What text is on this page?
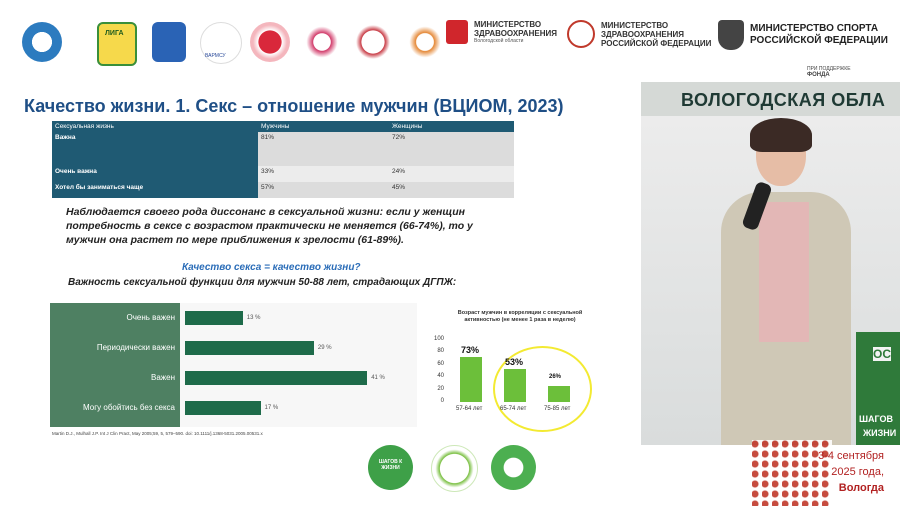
ЛИГА
ВАРМСУ
МИНИСТЕРСТВО
ЗДРАВООХРАНЕНИЯ
Вологодской области
МИНИСТЕРСТВО
ЗДРАВООХРАНЕНИЯ
РОССИЙСКОЙ ФЕДЕРАЦИИ
МИНИСТЕРСТВО СПОРТА
РОССИЙСКОЙ ФЕДЕРАЦИИ
Качество жизни. 1. Секс – отношение мужчин (ВЦИОМ, 2023)
Сексуальная жизнь	Мужчины	Женщины
Важна	81%	72%
Очень важна	33%	24%
Хотел бы заниматься чаще	57%	45%
Наблюдается своего рода диссонанс в сексуальной жизни: если у женщин потребность в сексе с возрастом практически не меняется (66-74%), то у мужчин она растет по мере приближения к зрелости (61-89%).
Качество секса = качество жизни?
Важность сексуальной функции для мужчин 50-88 лет, страдающих ДГПЖ:
Очень важен	13 %
Периодически важен	29 %
Важен	41 %
Могу обойтись без секса	17 %
Martin D.J., Mulhall J.P. Int J Clin Pract, May 2005;59, 5, 579–590. doi: 10.1111/j.1368-5031.2005.00531.x
Возраст мужчин в корреляции с сексуальной активностью (не менее 1 раза в неделю)
100
80
60
40
20
0
73%
57-64 лет
53%
65-74 лет
26%
75-85 лет
ШАГОВ К ЖИЗНИ
ВОЛОГОДСКАЯ ОБЛА
ОС
ШАГОВ
ЖИЗНИ
ПРИ ПОДДЕРЖКЕ
ФОНДА
3-4 сентября
2025 года,
Вологда
